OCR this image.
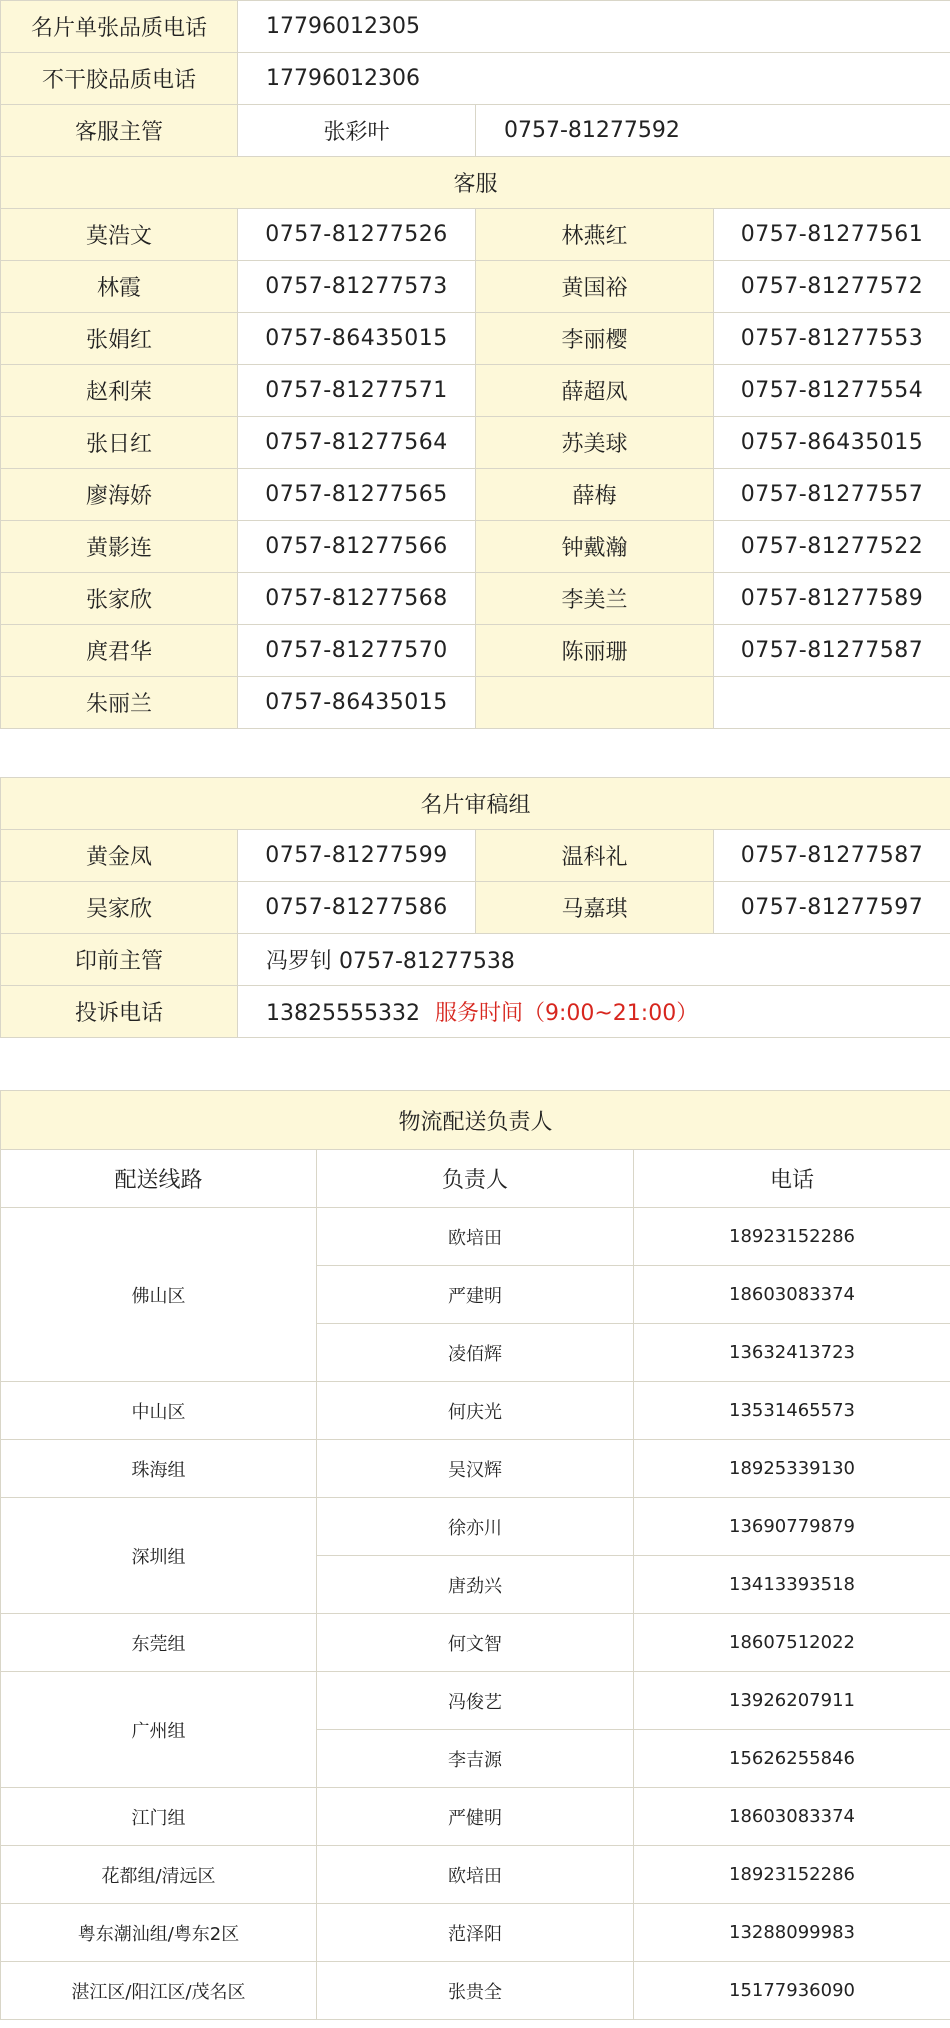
名片单张品质电话	17796012305		
不干胶品质电话	17796012306		
客服主管	张彩叶	0757-81277592	
客服			
莫浩文	0757-81277526	林燕红	0757-81277561
林霞	0757-81277573	黄国裕	0757-81277572
张娟红	0757-86435015	李丽樱	0757-81277553
赵利荣	0757-81277571	薛超凤	0757-81277554
张日红	0757-81277564	苏美球	0757-86435015
廖海娇	0757-81277565	薛梅	0757-81277557
黄影连	0757-81277566	钟戴瀚	0757-81277522
张家欣	0757-81277568	李美兰	0757-81277589
庹君华	0757-81277570	陈丽珊	0757-81277587
朱丽兰	0757-86435015		
名片审稿组			
黄金凤	0757-81277599	温科礼	0757-81277587
吴家欣	0757-81277586	马嘉琪	0757-81277597
印前主管	冯罗钊 0757-81277538		
投诉电话	13825555332 服务时间（9:00~21:00）		
物流配送负责人		
配送线路	负责人	电话
佛山区	欧培田	18923152286
	严建明	18603083374
	凌佰辉	13632413723
中山区	何庆光	13531465573
珠海组	吴汉辉	18925339130
深圳组	徐亦川	13690779879
	唐劲兴	13413393518
东莞组	何文智	18607512022
广州组	冯俊艺	13926207911
	李吉源	15626255846
江门组	严健明	18603083374
花都组/清远区	欧培田	18923152286
粤东潮汕组/粤东2区	范泽阳	13288099983
湛江区/阳江区/茂名区	张贵全	15177936090
